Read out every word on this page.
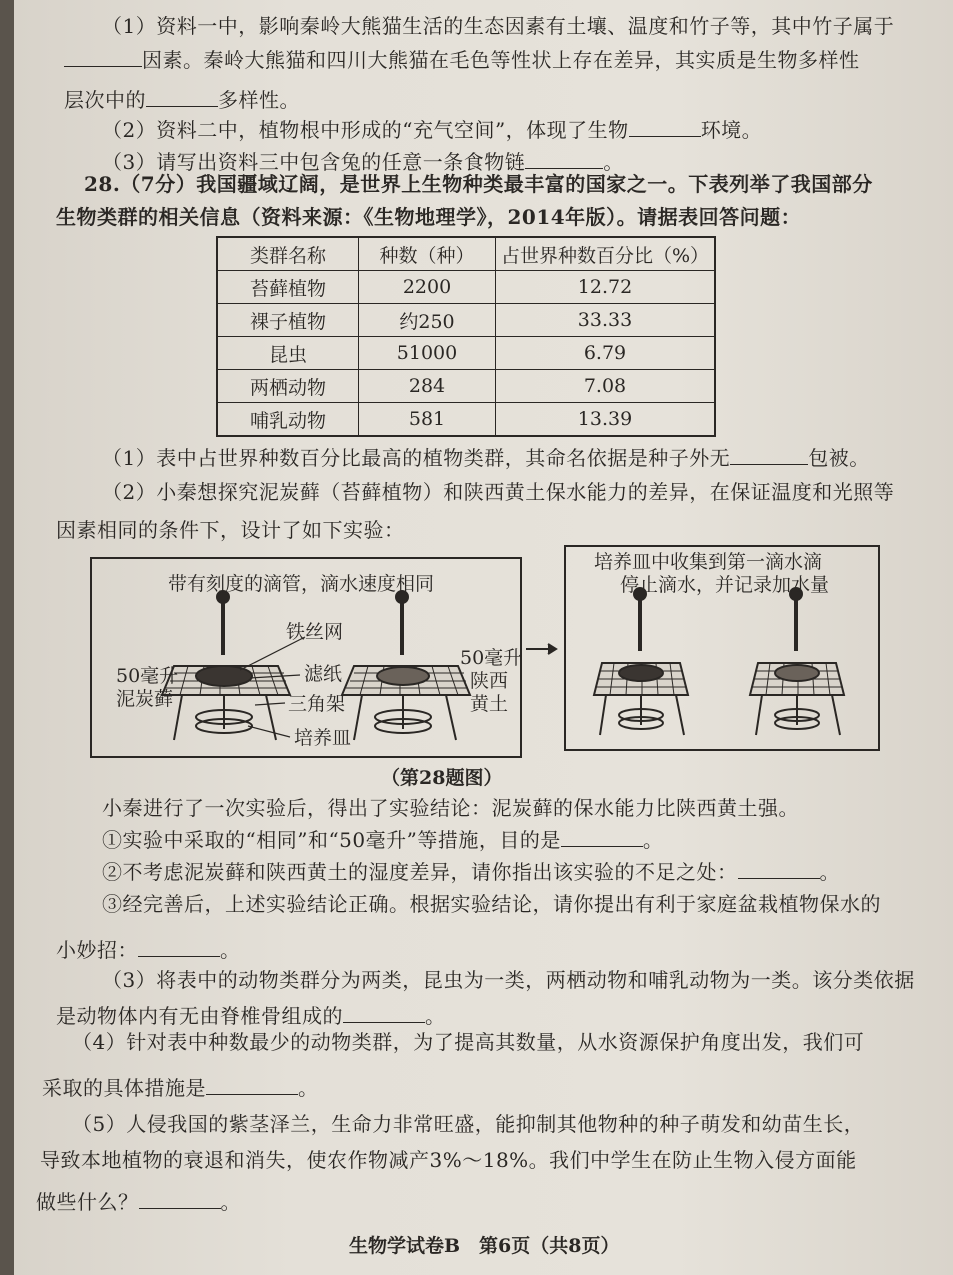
（1）资料一中，影响秦岭大熊猫生活的生态因素有土壤、温度和竹子等，其中竹子属于
因素。秦岭大熊猫和四川大熊猫在毛色等性状上存在差异，其实质是生物多样性
层次中的	多样性。
（2）资料二中，植物根中形成的“充气空间”，体现了生物	环境。
（3）请写出资料三中包含兔的任意一条食物链	。
28.（7分）我国疆域辽阔，是世界上生物种类最丰富的国家之一。下表列举了我国部分
生物类群的相关信息（资料来源：《生物地理学》，2014年版）。请据表回答问题：
类群名称	种数（种）	占世界种数百分比（%）
苔藓植物	2200	12.72
裸子植物	约250	33.33
昆虫	51000	6.79
两栖动物	284	7.08
哺乳动物	581	13.39
（1）表中占世界种数百分比最高的植物类群，其命名依据是种子外无	包被。
（2）小秦想探究泥炭藓（苔藓植物）和陕西黄土保水能力的差异，在保证温度和光照等
因素相同的条件下，设计了如下实验：
带有刻度的滴管，滴水速度相同
铁丝网
滤纸
三角架
培养皿
50毫升
泥炭藓
50毫升
陕西
黄土
培养皿中收集到第一滴水滴
停止滴水，并记录加水量
（第28题图）
小秦进行了一次实验后，得出了实验结论：泥炭藓的保水能力比陕西黄土强。
①实验中采取的“相同”和“50毫升”等措施，目的是	。
②不考虑泥炭藓和陕西黄土的湿度差异，请你指出该实验的不足之处：	。
③经完善后，上述实验结论正确。根据实验结论，请你提出有利于家庭盆栽植物保水的
小妙招：	。
（3）将表中的动物类群分为两类，昆虫为一类，两栖动物和哺乳动物为一类。该分类依据
是动物体内有无由脊椎骨组成的	。
（4）针对表中种数最少的动物类群，为了提高其数量，从水资源保护角度出发，我们可
采取的具体措施是	。
（5）人侵我国的紫茎泽兰，生命力非常旺盛，能抑制其他物种的种子萌发和幼苗生长，
导致本地植物的衰退和消失，使农作物减产3%～18%。我们中学生在防止生物入侵方面能
做些什么？	。
生物学试卷B　第6页（共8页）
